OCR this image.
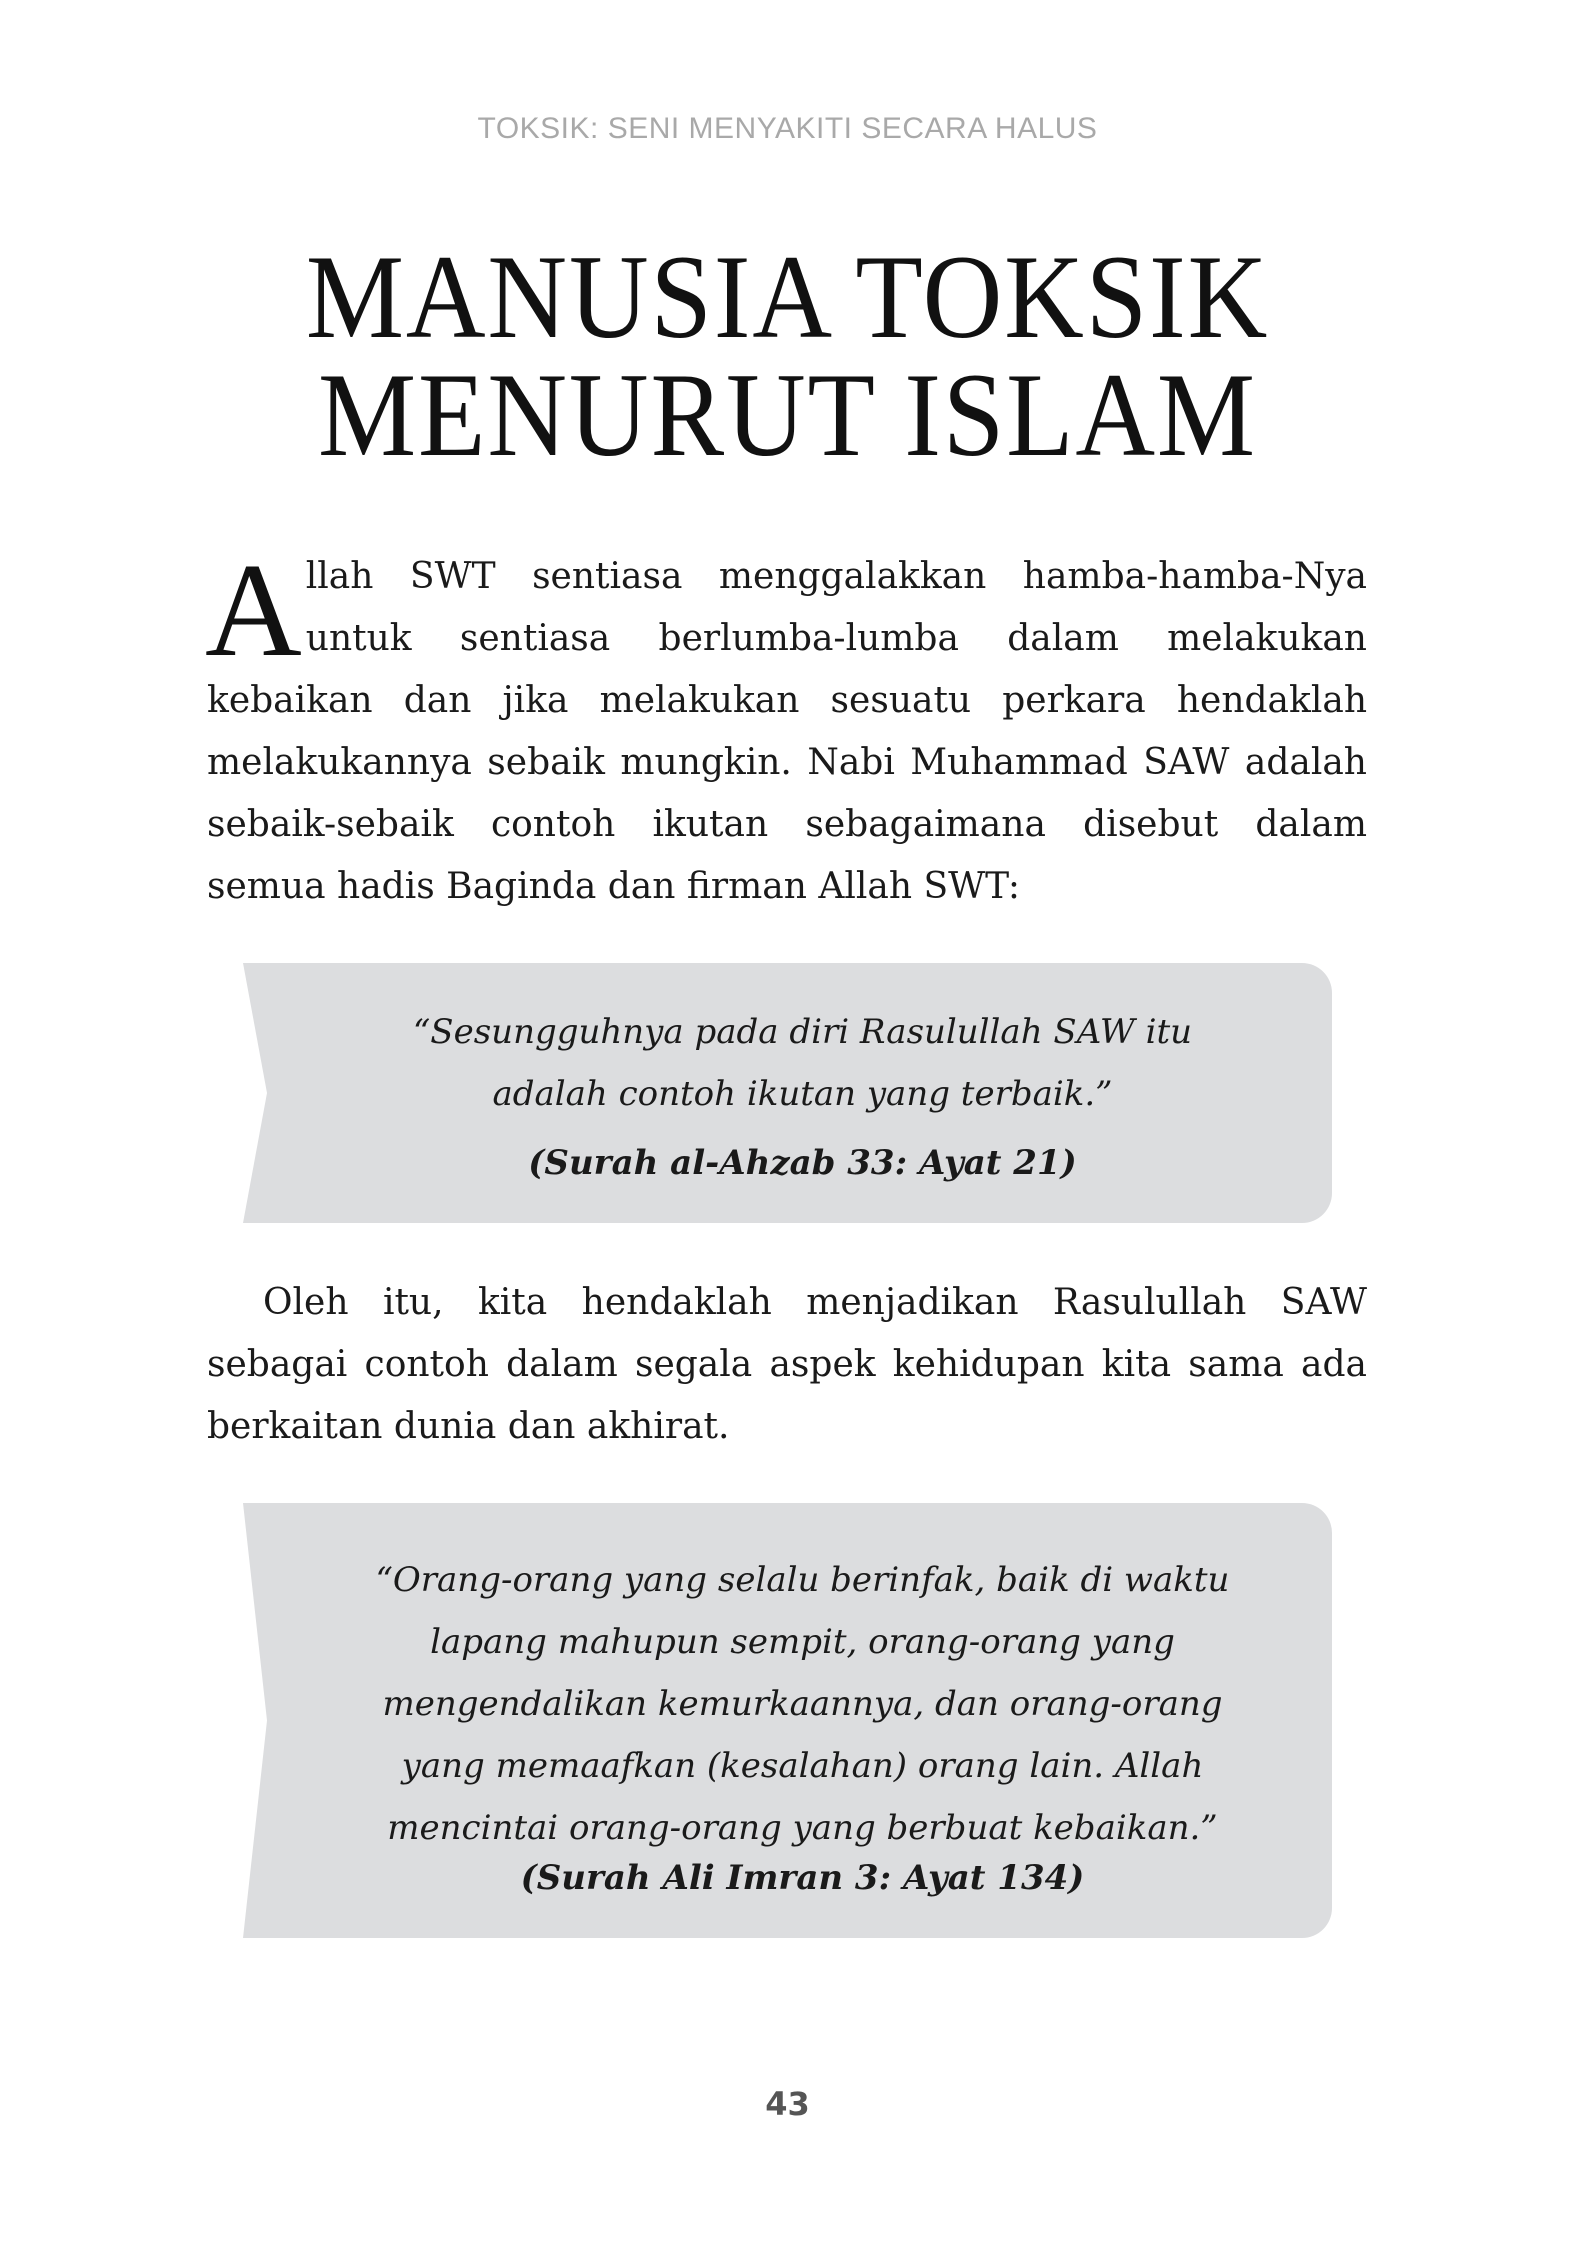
TOKSIK: SENI MENYAKITI SECARA HALUS
MANUSIA TOKSIK
MENURUT ISLAM

Allah SWT sentiasa menggalakkan hamba-hamba-Nya untuk sentiasa berlumba-lumba dalam melakukan kebaikan dan jika melakukan sesuatu perkara hendaklah melakukannya sebaik mungkin. Nabi Muhammad SAW adalah sebaik-sebaik contoh ikutan sebagaimana disebut dalam semua hadis Baginda dan firman Allah SWT:

“Sesungguhnya pada diri Rasulullah SAW itu
adalah contoh ikutan yang terbaik.”
(Surah al-Ahzab 33: Ayat 21)

Oleh itu, kita hendaklah menjadikan Rasulullah SAW sebagai contoh dalam segala aspek kehidupan kita sama ada berkaitan dunia dan akhirat.

“Orang-orang yang selalu berinfak, baik di waktu
lapang mahupun sempit, orang-orang yang
mengendalikan kemurkaannya, dan orang-orang
yang memaafkan (kesalahan) orang lain. Allah
mencintai orang-orang yang berbuat kebaikan.”
(Surah Ali Imran 3: Ayat 134)
43
